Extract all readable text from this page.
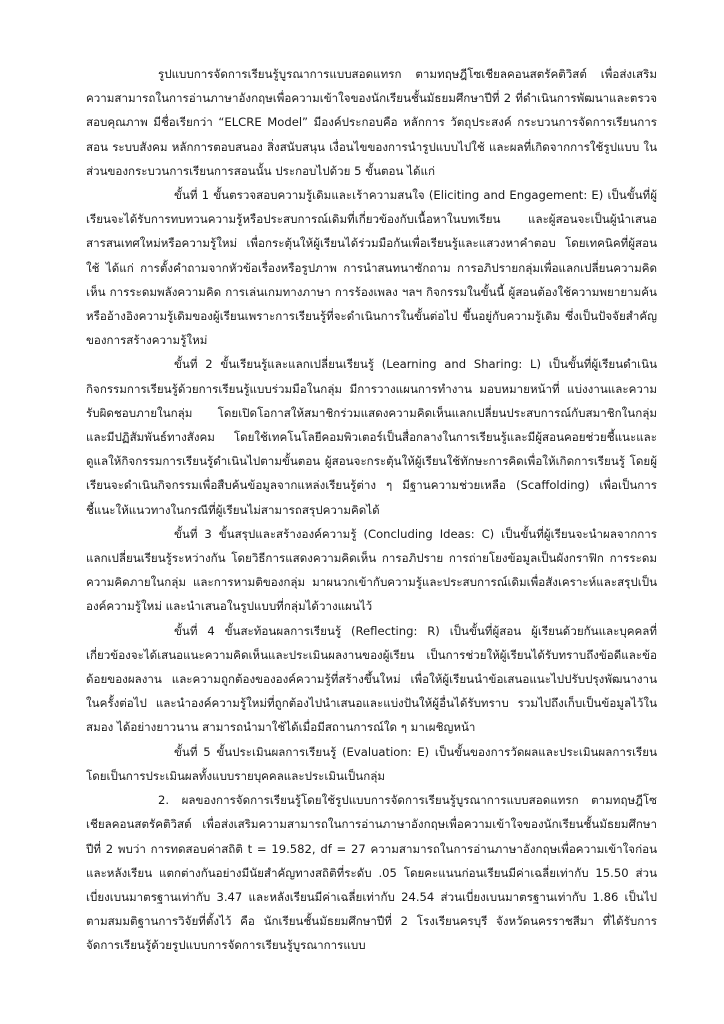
รูปแบบการจัดการเรียนรู้บูรณาการแบบสอดแทรก ตามทฤษฎีโซเชียลคอนสตรัคติวิสต์ เพื่อส่งเสริมความสามารถในการอ่านภาษาอังกฤษเพื่อความเข้าใจของนักเรียนชั้นมัธยมศึกษาปีที่ 2 ที่ดำเนินการพัฒนาและตรวจสอบคุณภาพ มีชื่อเรียกว่า “ELCRE Model” มีองค์ประกอบคือ หลักการ วัตถุประสงค์ กระบวนการจัดการเรียนการสอน ระบบสังคม หลักการตอบสนอง สิ่งสนับสนุน เงื่อนไขของการนำรูปแบบไปใช้ และผลที่เกิดจากการใช้รูปแบบ ในส่วนของกระบวนการเรียนการสอนนั้น ประกอบไปด้วย 5 ขั้นตอน ได้แก่

ขั้นที่ 1 ขั้นตรวจสอบความรู้เดิมและเร้าความสนใจ (Eliciting and Engagement: E) เป็นขั้นที่ผู้เรียนจะได้รับการทบทวนความรู้หรือประสบการณ์เดิมที่เกี่ยวข้องกับเนื้อหาในบทเรียน และผู้สอนจะเป็นผู้นำเสนอสารสนเทศใหม่หรือความรู้ใหม่ เพื่อกระตุ้นให้ผู้เรียนได้ร่วมมือกันเพื่อเรียนรู้และแสวงหาคำตอบ โดยเทคนิคที่ผู้สอนใช้ ได้แก่ การตั้งคำถามจากหัวข้อเรื่องหรือรูปภาพ การนำสนทนาซักถาม การอภิปรายกลุ่มเพื่อแลกเปลี่ยนความคิดเห็น การระดมพลังความคิด การเล่นเกมทางภาษา การร้องเพลง ฯลฯ กิจกรรมในขั้นนี้ ผู้สอนต้องใช้ความพยายามค้น หรืออ้างอิงความรู้เดิมของผู้เรียนเพราะการเรียนรู้ที่จะดำเนินการในขั้นต่อไป ขึ้นอยู่กับความรู้เดิม ซึ่งเป็นปัจจัยสำคัญของการสร้างความรู้ใหม่

ขั้นที่ 2 ขั้นเรียนรู้และแลกเปลี่ยนเรียนรู้ (Learning and Sharing: L) เป็นขั้นที่ผู้เรียนดำเนินกิจกรรมการเรียนรู้ด้วยการเรียนรู้แบบร่วมมือในกลุ่ม มีการวางแผนการทำงาน มอบหมายหน้าที่ แบ่งงานและความรับผิดชอบภายในกลุ่ม โดยเปิดโอกาสให้สมาชิกร่วมแสดงความคิดเห็นแลกเปลี่ยนประสบการณ์กับสมาชิกในกลุ่ม และมีปฏิสัมพันธ์ทางสังคม โดยใช้เทคโนโลยีคอมพิวเตอร์เป็นสื่อกลางในการเรียนรู้และมีผู้สอนคอยช่วยชี้แนะและดูแลให้กิจกรรมการเรียนรู้ดำเนินไปตามขั้นตอน ผู้สอนจะกระตุ้นให้ผู้เรียนใช้ทักษะการคิดเพื่อให้เกิดการเรียนรู้ โดยผู้เรียนจะดำเนินกิจกรรมเพื่อสืบค้นข้อมูลจากแหล่งเรียนรู้ต่าง ๆ มีฐานความช่วยเหลือ (Scaffolding) เพื่อเป็นการชี้แนะให้แนวทางในกรณีที่ผู้เรียนไม่สามารถสรุปความคิดได้

ขั้นที่ 3 ขั้นสรุปและสร้างองค์ความรู้ (Concluding Ideas: C) เป็นขั้นที่ผู้เรียนจะนำผลจากการแลกเปลี่ยนเรียนรู้ระหว่างกัน โดยวิธีการแสดงความคิดเห็น การอภิปราย การถ่ายโยงข้อมูลเป็นผังกราฟิก การระดมความคิดภายในกลุ่ม และการหามติของกลุ่ม มาผนวกเข้ากับความรู้และประสบการณ์เดิมเพื่อสังเคราะห์และสรุปเป็นองค์ความรู้ใหม่ และนำเสนอในรูปแบบที่กลุ่มได้วางแผนไว้

ขั้นที่ 4 ขั้นสะท้อนผลการเรียนรู้ (Reflecting: R) เป็นขั้นที่ผู้สอน ผู้เรียนด้วยกันและบุคคลที่เกี่ยวข้องจะได้เสนอแนะความคิดเห็นและประเมินผลงานของผู้เรียน เป็นการช่วยให้ผู้เรียนได้รับทราบถึงข้อดีและข้อด้อยของผลงาน และความถูกต้องขององค์ความรู้ที่สร้างขึ้นใหม่ เพื่อให้ผู้เรียนนำข้อเสนอแนะไปปรับปรุงพัฒนางานในครั้งต่อไป และนำองค์ความรู้ใหม่ที่ถูกต้องไปนำเสนอและแบ่งปันให้ผู้อื่นได้รับทราบ รวมไปถึงเก็บเป็นข้อมูลไว้ในสมอง ได้อย่างยาวนาน สามารถนำมาใช้ได้เมื่อมีสถานการณ์ใด ๆ มาเผชิญหน้า

ขั้นที่ 5 ขั้นประเมินผลการเรียนรู้ (Evaluation: E) เป็นขั้นของการวัดผลและประเมินผลการเรียนโดยเป็นการประเมินผลทั้งแบบรายบุคคลและประเมินเป็นกลุ่ม

2. ผลของการจัดการเรียนรู้โดยใช้รูปแบบการจัดการเรียนรู้บูรณาการแบบสอดแทรก ตามทฤษฎีโซเชียลคอนสตรัคติวิสต์ เพื่อส่งเสริมความสามารถในการอ่านภาษาอังกฤษเพื่อความเข้าใจของนักเรียนชั้นมัธยมศึกษาปีที่ 2 พบว่า การทดสอบค่าสถิติ t = 19.582, df = 27 ความสามารถในการอ่านภาษาอังกฤษเพื่อความเข้าใจก่อนและหลังเรียน แตกต่างกันอย่างมีนัยสำคัญทางสถิติที่ระดับ .05 โดยคะแนนก่อนเรียนมีค่าเฉลี่ยเท่ากับ 15.50 ส่วนเบี่ยงเบนมาตรฐานเท่ากับ 3.47 และหลังเรียนมีค่าเฉลี่ยเท่ากับ 24.54 ส่วนเบี่ยงเบนมาตรฐานเท่ากับ 1.86 เป็นไปตามสมมติฐานการวิจัยที่ตั้งไว้ คือ นักเรียนชั้นมัธยมศึกษาปีที่ 2 โรงเรียนครบุรี จังหวัดนครราชสีมา ที่ได้รับการจัดการเรียนรู้ด้วยรูปแบบการจัดการเรียนรู้บูรณาการแบบ
